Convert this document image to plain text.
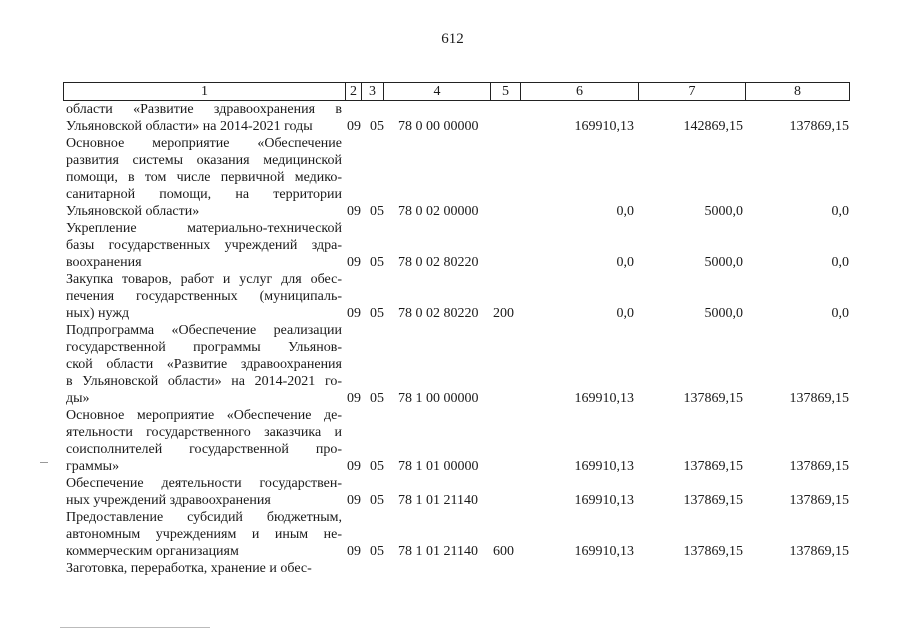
612
1	2 3	4	5	6	7	8
области «Развитие здравоохранения в
Ульяновской области» на 2014-2021 годы	09 05 78 0 00 00000	169910,13	142869,15	137869,15
Основное мероприятие «Обеспечение
развития системы оказания медицинской
помощи, в том числе первичной медико-
санитарной помощи, на территории
Ульяновской области»	09 05 78 0 02 00000	0,0	5000,0	0,0
Укрепление материально-технической
базы государственных учреждений здра-
воохранения	09 05 78 0 02 80220	0,0	5000,0	0,0
Закупка товаров, работ и услуг для обес-
печения государственных (муниципаль-
ных) нужд	09 05 78 0 02 80220 200	0,0	5000,0	0,0
Подпрограмма «Обеспечение реализации
государственной программы Ульянов-
ской области «Развитие здравоохранения
в Ульяновской области» на 2014-2021 го-
ды»	09 05 78 1 00 00000	169910,13	137869,15	137869,15
Основное мероприятие «Обеспечение де-
ятельности государственного заказчика и
соисполнителей государственной про-
граммы»	09 05 78 1 01 00000	169910,13	137869,15	137869,15
Обеспечение деятельности государствен-
ных учреждений здравоохранения	09 05 78 1 01 21140	169910,13	137869,15	137869,15
Предоставление субсидий бюджетным,
автономным учреждениям и иным не-
коммерческим организациям	09 05 78 1 01 21140 600	169910,13	137869,15	137869,15
Заготовка, переработка, хранение и обес-
